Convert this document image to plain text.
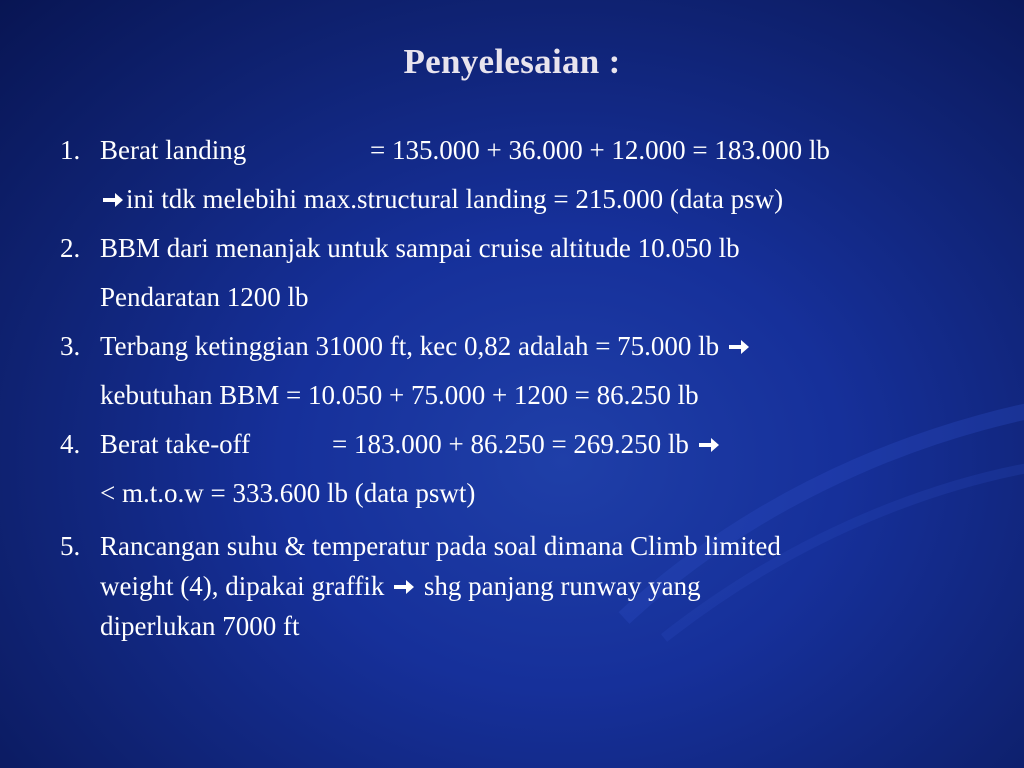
Penyelesaian :
1. Berat landing	= 135.000 + 36.000 + 12.000 = 183.000 lb
ini tdk melebihi max.structural landing = 215.000 (data psw)
2. BBM dari menanjak untuk sampai cruise altitude 10.050 lb
Pendaratan 1200 lb
3. Terbang ketinggian 31000 ft, kec 0,82 adalah = 75.000 lb
kebutuhan BBM = 10.050 + 75.000 + 1200 = 86.250 lb
4. Berat take-off	= 183.000 + 86.250 = 269.250 lb
< m.t.o.w = 333.600 lb (data pswt)
5. Rancangan suhu & temperatur pada soal dimana Climb limited
weight (4), dipakai graffik shg panjang runway yang
diperlukan 7000 ft
